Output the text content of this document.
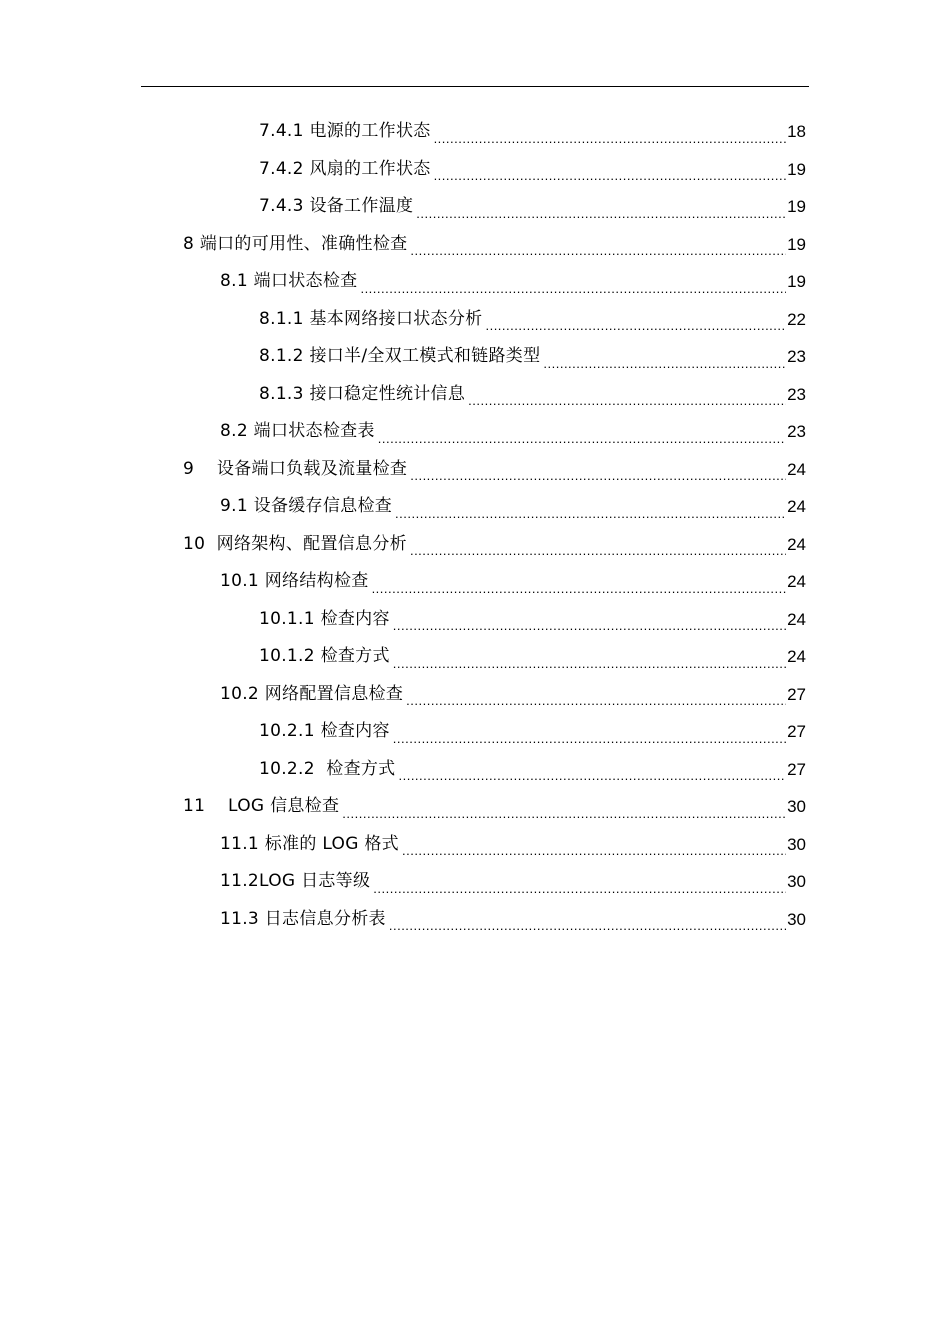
7.4.1 电源的工作状态 .....	18
7.4.2 风扇的工作状态 .....	19
7.4.3 设备工作温度 .....	19
8 端口的可用性、准确性检查 .....	19
8.1 端口状态检查 .....	19
8.1.1 基本网络接口状态分析 .....	22
8.1.2 接口半/全双工模式和链路类型 .....	23
8.1.3 接口稳定性统计信息 .....	23
8.2 端口状态检查表 .....	23
9    设备端口负载及流量检查 .....	24
9.1 设备缓存信息检查 .....	24
10  网络架构、配置信息分析 .....	24
10.1 网络结构检查 .....	24
10.1.1 检查内容 .....	24
10.1.2 检查方式 .....	24
10.2 网络配置信息检查 .....	27
10.2.1 检查内容 .....	27
10.2.2  检查方式 .....	27
11    LOG 信息检查 .....	30
11.1 标准的 LOG 格式 .....	30
11.2LOG 日志等级 .....	30
11.3 日志信息分析表 .....	30
